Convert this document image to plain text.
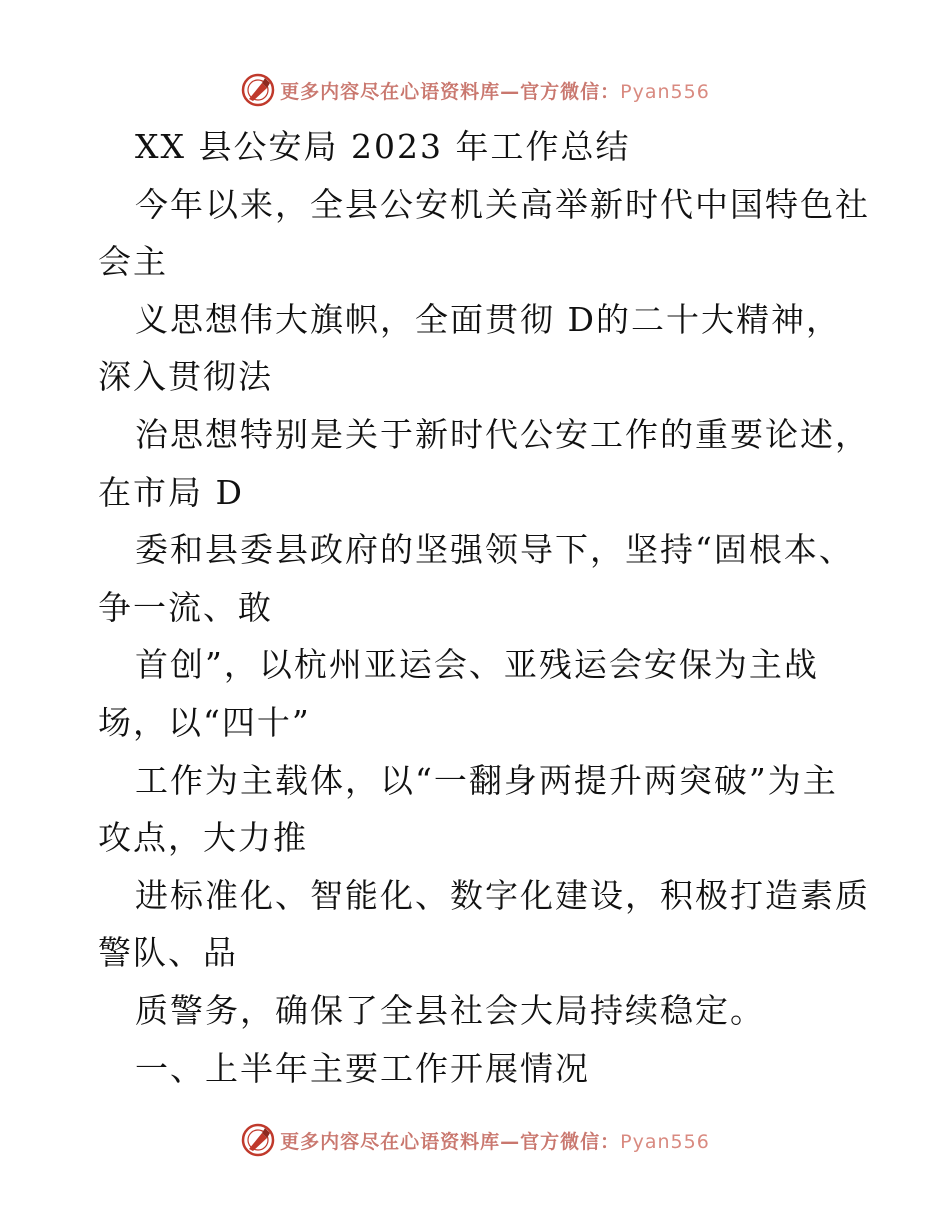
更多内容尽在心语资料库—官方微信：Pyan556
XX 县公安局 2023 年工作总结
今年以来，全县公安机关高举新时代中国特色社
会主
义思想伟大旗帜，全面贯彻 D的二十大精神，
深入贯彻法
治思想特别是关于新时代公安工作的重要论述，
在市局 D
委和县委县政府的坚强领导下，坚持“固根本、
争一流、敢
首创”，以杭州亚运会、亚残运会安保为主战
场，以“四十”
工作为主载体，以“一翻身两提升两突破”为主
攻点，大力推
进标准化、智能化、数字化建设，积极打造素质
警队、品
质警务，确保了全县社会大局持续稳定。
一、上半年主要工作开展情况
更多内容尽在心语资料库—官方微信：Pyan556
